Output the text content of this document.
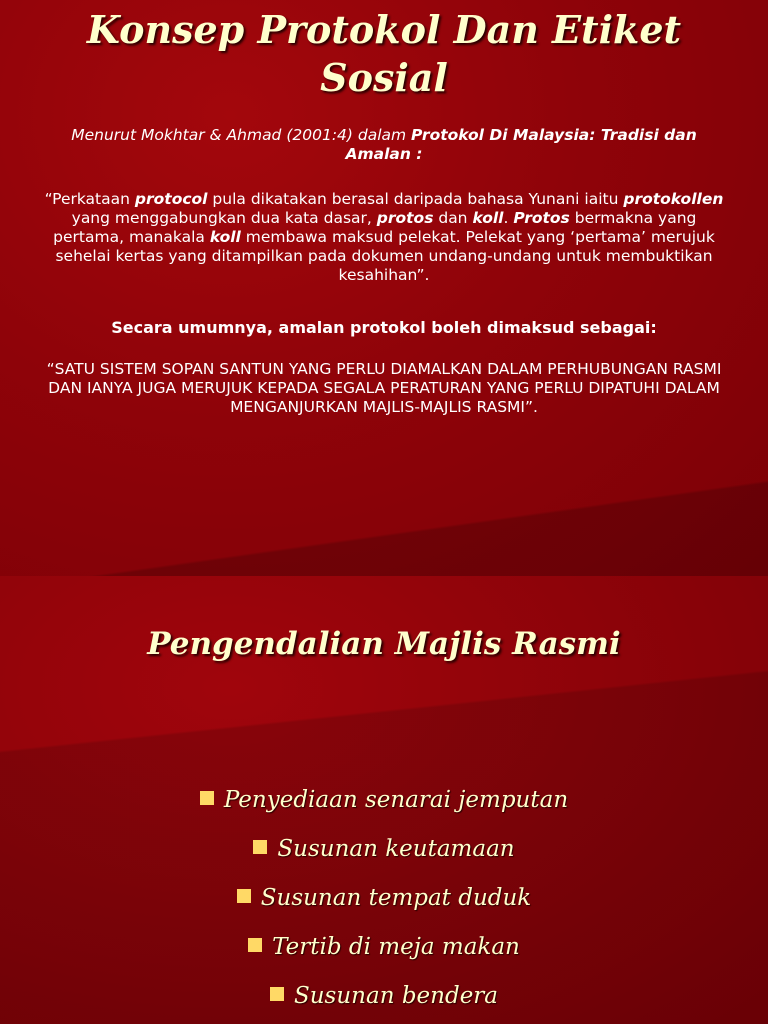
Konsep Protokol Dan Etiket Sosial

Menurut Mokhtar & Ahmad (2001:4) dalam Protokol Di Malaysia: Tradisi dan Amalan :

“Perkataan protocol pula dikatakan berasal daripada bahasa Yunani iaitu protokollen yang menggabungkan dua kata dasar, protos dan koll. Protos bermakna yang pertama, manakala koll membawa maksud pelekat. Pelekat yang ‘pertama’ merujuk sehelai kertas yang ditampilkan pada dokumen undang-undang untuk membuktikan kesahihan”.

Secara umumnya, amalan protokol boleh dimaksud sebagai:

“SATU SISTEM SOPAN SANTUN YANG PERLU DIAMALKAN DALAM PERHUBUNGAN RASMI DAN IANYA JUGA MERUJUK KEPADA SEGALA PERATURAN YANG PERLU DIPATUHI DALAM MENGANJURKAN MAJLIS-MAJLIS RASMI”.

Pengendalian Majlis Rasmi
Penyediaan senarai jemputan
Susunan keutamaan
Susunan tempat duduk
Tertib di meja makan
Susunan bendera
